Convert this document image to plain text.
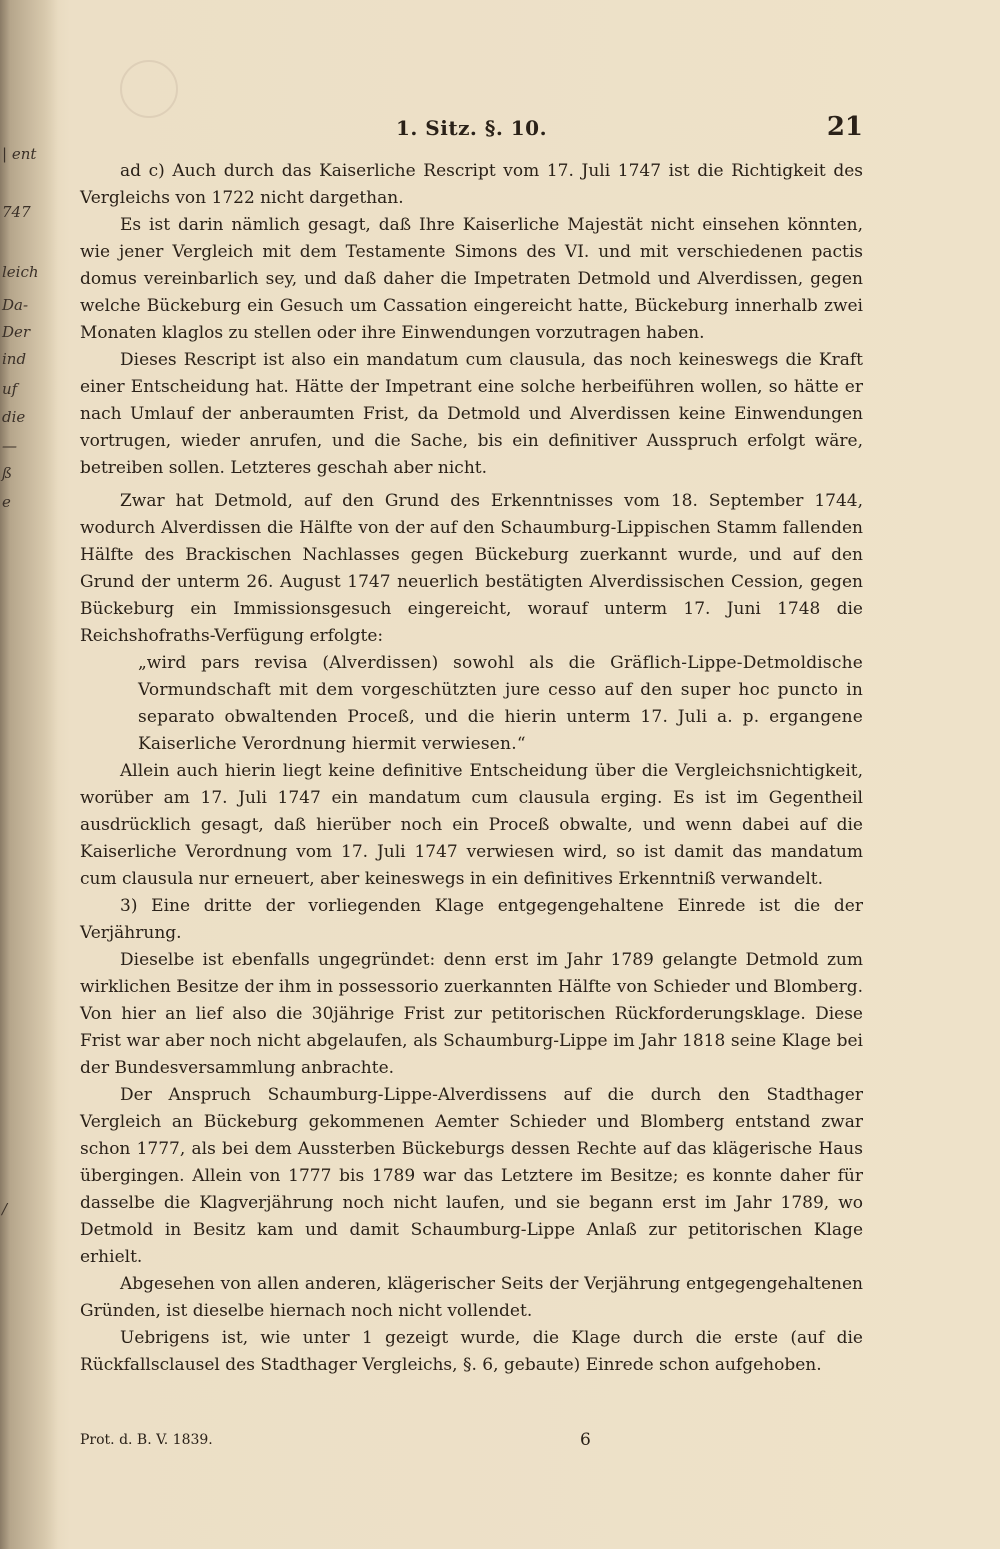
| ent
747
leich
Da-
Der
ind
uf
die
—
ß
e
/
1. Sitz. §. 10.	21

ad c) Auch durch das Kaiserliche Rescript vom 17. Juli 1747 ist die Richtigkeit des Vergleichs von 1722 nicht dargethan.

Es ist darin nämlich gesagt, daß Ihre Kaiserliche Majestät nicht einsehen könnten, wie jener Vergleich mit dem Testamente Simons des VI. und mit verschiedenen pactis domus vereinbarlich sey, und daß daher die Impetraten Detmold und Alverdissen, gegen welche Bückeburg ein Gesuch um Cassation eingereicht hatte, Bückeburg innerhalb zwei Monaten klaglos zu stellen oder ihre Einwendungen vorzutragen haben.

Dieses Rescript ist also ein mandatum cum clausula, das noch keineswegs die Kraft einer Entscheidung hat. Hätte der Impetrant eine solche herbeiführen wollen, so hätte er nach Umlauf der anberaumten Frist, da Detmold und Alverdissen keine Einwendungen vortrugen, wieder anrufen, und die Sache, bis ein definitiver Ausspruch erfolgt wäre, betreiben sollen. Letzteres geschah aber nicht.

Zwar hat Detmold, auf den Grund des Erkenntnisses vom 18. September 1744, wodurch Alverdissen die Hälfte von der auf den Schaumburg-Lippischen Stamm fallenden Hälfte des Brackischen Nachlasses gegen Bückeburg zuerkannt wurde, und auf den Grund der unterm 26. August 1747 neuerlich bestätigten Alverdissischen Cession, gegen Bückeburg ein Immissionsgesuch eingereicht, worauf unterm 17. Juni 1748 die Reichshofraths-Verfügung erfolgte:

„wird pars revisa (Alverdissen) sowohl als die Gräflich-Lippe-Detmoldische Vormundschaft mit dem vorgeschützten jure cesso auf den super hoc puncto in separato obwaltenden Proceß, und die hierin unterm 17. Juli a. p. ergangene Kaiserliche Verordnung hiermit verwiesen.“

Allein auch hierin liegt keine definitive Entscheidung über die Vergleichsnichtigkeit, worüber am 17. Juli 1747 ein mandatum cum clausula erging. Es ist im Gegentheil ausdrücklich gesagt, daß hierüber noch ein Proceß obwalte, und wenn dabei auf die Kaiserliche Verordnung vom 17. Juli 1747 verwiesen wird, so ist damit das mandatum cum clausula nur erneuert, aber keineswegs in ein definitives Erkenntniß verwandelt.

3) Eine dritte der vorliegenden Klage entgegengehaltene Einrede ist die der Verjährung.

Dieselbe ist ebenfalls ungegründet: denn erst im Jahr 1789 gelangte Detmold zum wirklichen Besitze der ihm in possessorio zuerkannten Hälfte von Schieder und Blomberg. Von hier an lief also die 30jährige Frist zur petitorischen Rückforderungsklage. Diese Frist war aber noch nicht abgelaufen, als Schaumburg-Lippe im Jahr 1818 seine Klage bei der Bundesversammlung anbrachte.

Der Anspruch Schaumburg-Lippe-Alverdissens auf die durch den Stadthager Vergleich an Bückeburg gekommenen Aemter Schieder und Blomberg entstand zwar schon 1777, als bei dem Aussterben Bückeburgs dessen Rechte auf das klägerische Haus übergingen. Allein von 1777 bis 1789 war das Letztere im Besitze; es konnte daher für dasselbe die Klagverjährung noch nicht laufen, und sie begann erst im Jahr 1789, wo Detmold in Besitz kam und damit Schaumburg-Lippe Anlaß zur petitorischen Klage erhielt.

Abgesehen von allen anderen, klägerischer Seits der Verjährung entgegengehaltenen Gründen, ist dieselbe hiernach noch nicht vollendet.

Uebrigens ist, wie unter 1 gezeigt wurde, die Klage durch die erste (auf die Rückfallsclausel des Stadthager Vergleichs, §. 6, gebaute) Einrede schon aufgehoben.

Prot. d. B. V. 1839.	6
